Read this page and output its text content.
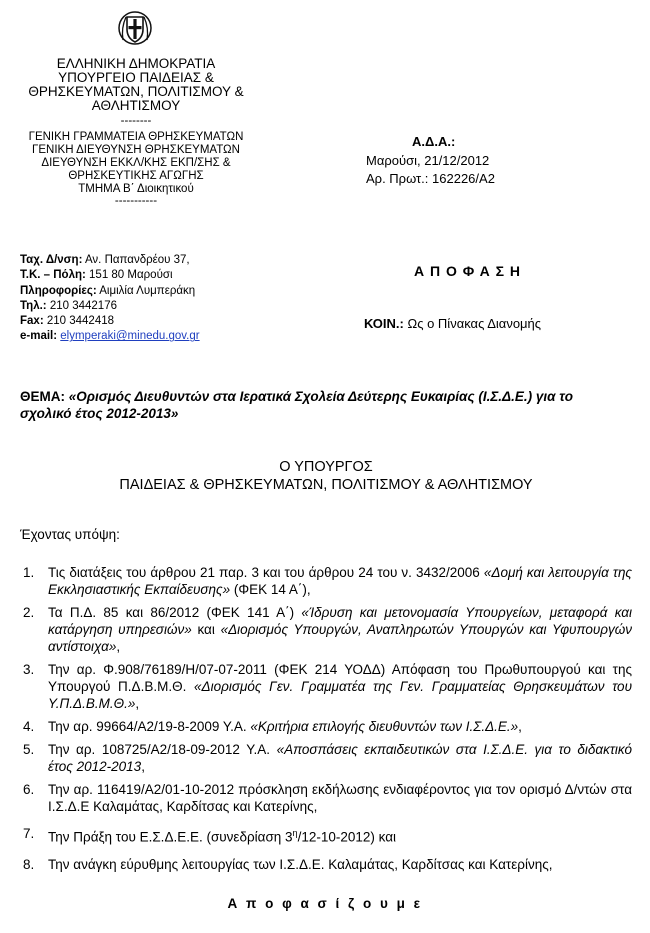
ΕΛΛΗΝΙΚΗ ΔΗΜΟΚΡΑΤΙΑ
ΥΠΟΥΡΓΕΙΟ ΠΑΙΔΕΙΑΣ &
ΘΡΗΣΚΕΥΜΑΤΩΝ, ΠΟΛΙΤΙΣΜΟΥ &
ΑΘΛΗΤΙΣΜΟΥ
--------
ΓΕΝΙΚΗ ΓΡΑΜΜΑΤΕΙΑ ΘΡΗΣΚΕΥΜΑΤΩΝ
ΓΕΝΙΚΗ ΔΙΕΥΘΥΝΣΗ ΘΡΗΣΚΕΥΜΑΤΩΝ
ΔΙΕΥΘΥΝΣΗ ΕΚΚΛ/ΚΗΣ ΕΚΠ/ΣΗΣ &
ΘΡΗΣΚΕΥΤΙΚΗΣ ΑΓΩΓΗΣ
ΤΜΗΜΑ Β΄ Διοικητικού
-----------
Ταχ. Δ/νση: Αν. Παπανδρέου 37,
Τ.Κ. – Πόλη: 151 80 Μαρούσι
Πληροφορίες: Αιμιλία Λυμπεράκη
Τηλ.: 210 3442176
Fax: 210 3442418
e-mail: elymperaki@minedu.gov.gr
Α.Δ.Α.:
Μαρούσι, 21/12/2012
Αρ. Πρωτ.: 162226/Α2
Α Π Ο Φ Α Σ Η
ΚΟΙΝ.: Ως ο Πίνακας Διανομής
ΘΕΜΑ: «Ορισμός Διευθυντών στα Ιερατικά Σχολεία Δεύτερης Ευκαιρίας (Ι.Σ.Δ.Ε.) για το
σχολικό έτος 2012-2013»
Ο ΥΠΟΥΡΓΟΣ
ΠΑΙΔΕΙΑΣ & ΘΡΗΣΚΕΥΜΑΤΩΝ, ΠΟΛΙΤΙΣΜΟΥ & ΑΘΛΗΤΙΣΜΟΥ
Έχοντας υπόψη:
1. Τις διατάξεις του άρθρου 21 παρ. 3 και του άρθρου 24 του ν. 3432/2006 «Δομή και λειτουργία της Εκκλησιαστικής Εκπαίδευσης» (ΦΕΚ 14 Α΄),
2. Τα Π.Δ. 85 και 86/2012 (ΦΕΚ 141 Α΄) «Ίδρυση και μετονομασία Υπουργείων, μεταφορά και κατάργηση υπηρεσιών» και «Διορισμός Υπουργών, Αναπληρωτών Υπουργών και Υφυπουργών αντίστοιχα»,
3. Την αρ. Φ.908/76189/Η/07-07-2011 (ΦΕΚ 214 ΥΟΔΔ) Απόφαση του Πρωθυπουργού και της Υπουργού Π.Δ.Β.Μ.Θ. «Διορισμός Γεν. Γραμματέα της Γεν. Γραμματείας Θρησκευμάτων του Υ.Π.Δ.Β.Μ.Θ.»,
4. Την αρ. 99664/Α2/19-8-2009 Υ.Α. «Κριτήρια επιλογής διευθυντών των Ι.Σ.Δ.Ε.»,
5. Την αρ. 108725/Α2/18-09-2012 Υ.Α. «Αποσπάσεις εκπαιδευτικών στα Ι.Σ.Δ.Ε. για το διδακτικό έτος 2012-2013,
6. Την αρ. 116419/Α2/01-10-2012 πρόσκληση εκδήλωσης ενδιαφέροντος για τον ορισμό Δ/ντών στα Ι.Σ.Δ.Ε Καλαμάτας, Καρδίτσας και Κατερίνης,
7. Την Πράξη του Ε.Σ.Δ.Ε.Ε. (συνεδρίαση $3^\eta/12-10-2012$) και
8. Την ανάγκη εύρυθμης λειτουργίας των Ι.Σ.Δ.Ε. Καλαμάτας, Καρδίτσας και Κατερίνης,
Α π ο φ α σ ί ζ ο υ μ ε
